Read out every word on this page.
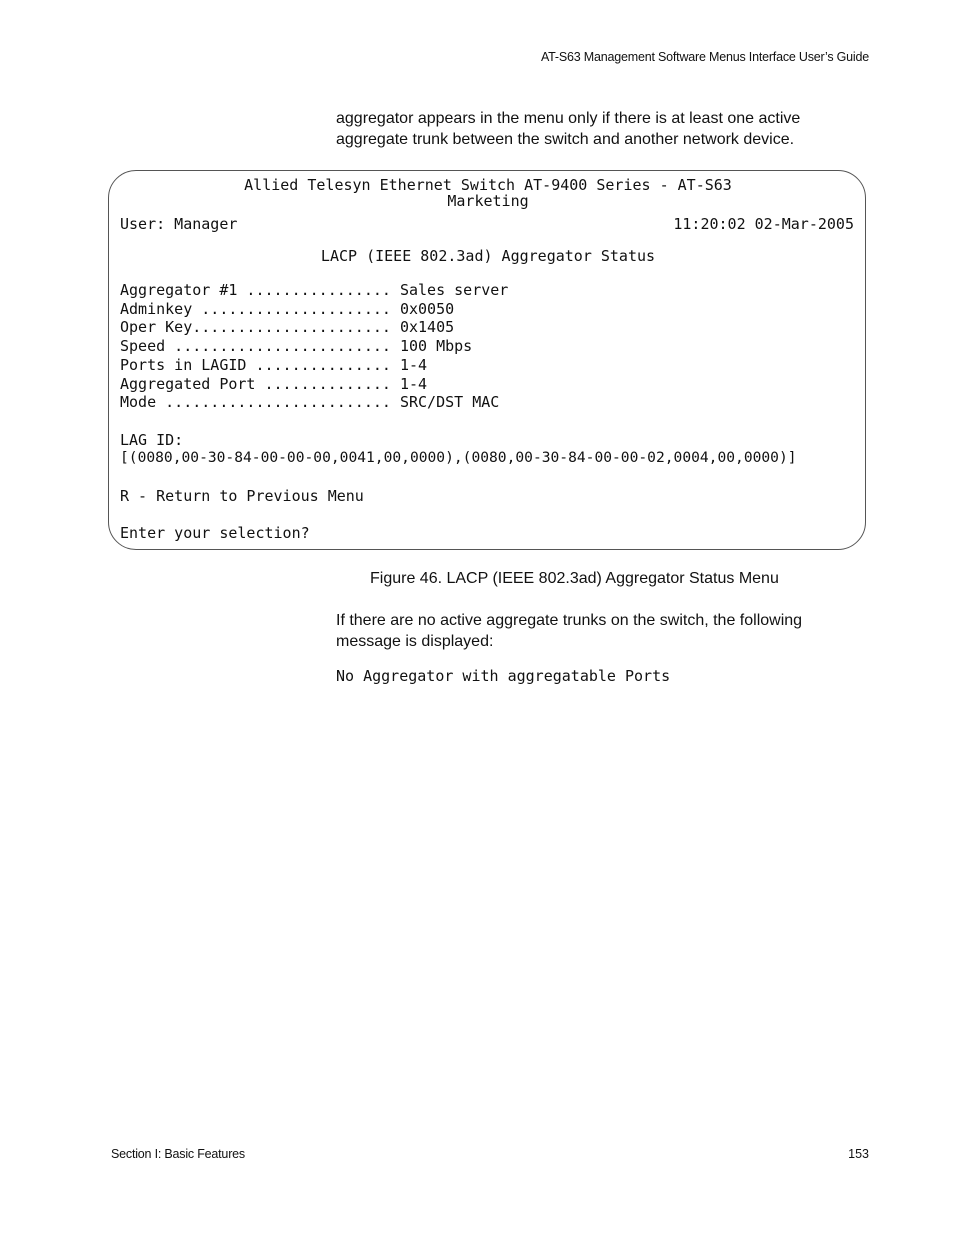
AT-S63 Management Software Menus Interface User’s Guide

aggregator appears in the menu only if there is at least one active aggregate trunk between the switch and another network device.

Allied Telesyn Ethernet Switch AT-9400 Series - AT-S63
Marketing
User: Manager	11:20:02 02-Mar-2005
LACP (IEEE 802.3ad) Aggregator Status
Aggregator #1 ................ Sales server
Adminkey ..................... 0x0050
Oper Key...................... 0x1405
Speed ........................ 100 Mbps
Ports in LAGID ............... 1-4
Aggregated Port .............. 1-4
Mode ......................... SRC/DST MAC
LAG ID:
[(0080,00-30-84-00-00-00,0041,00,0000),(0080,00-30-84-00-00-02,0004,00,0000)]
R - Return to Previous Menu
Enter your selection?
Figure 46. LACP (IEEE 802.3ad) Aggregator Status Menu

If there are no active aggregate trunks on the switch, the following message is displayed:

No Aggregator with aggregatable Ports
Section I: Basic Features	153
